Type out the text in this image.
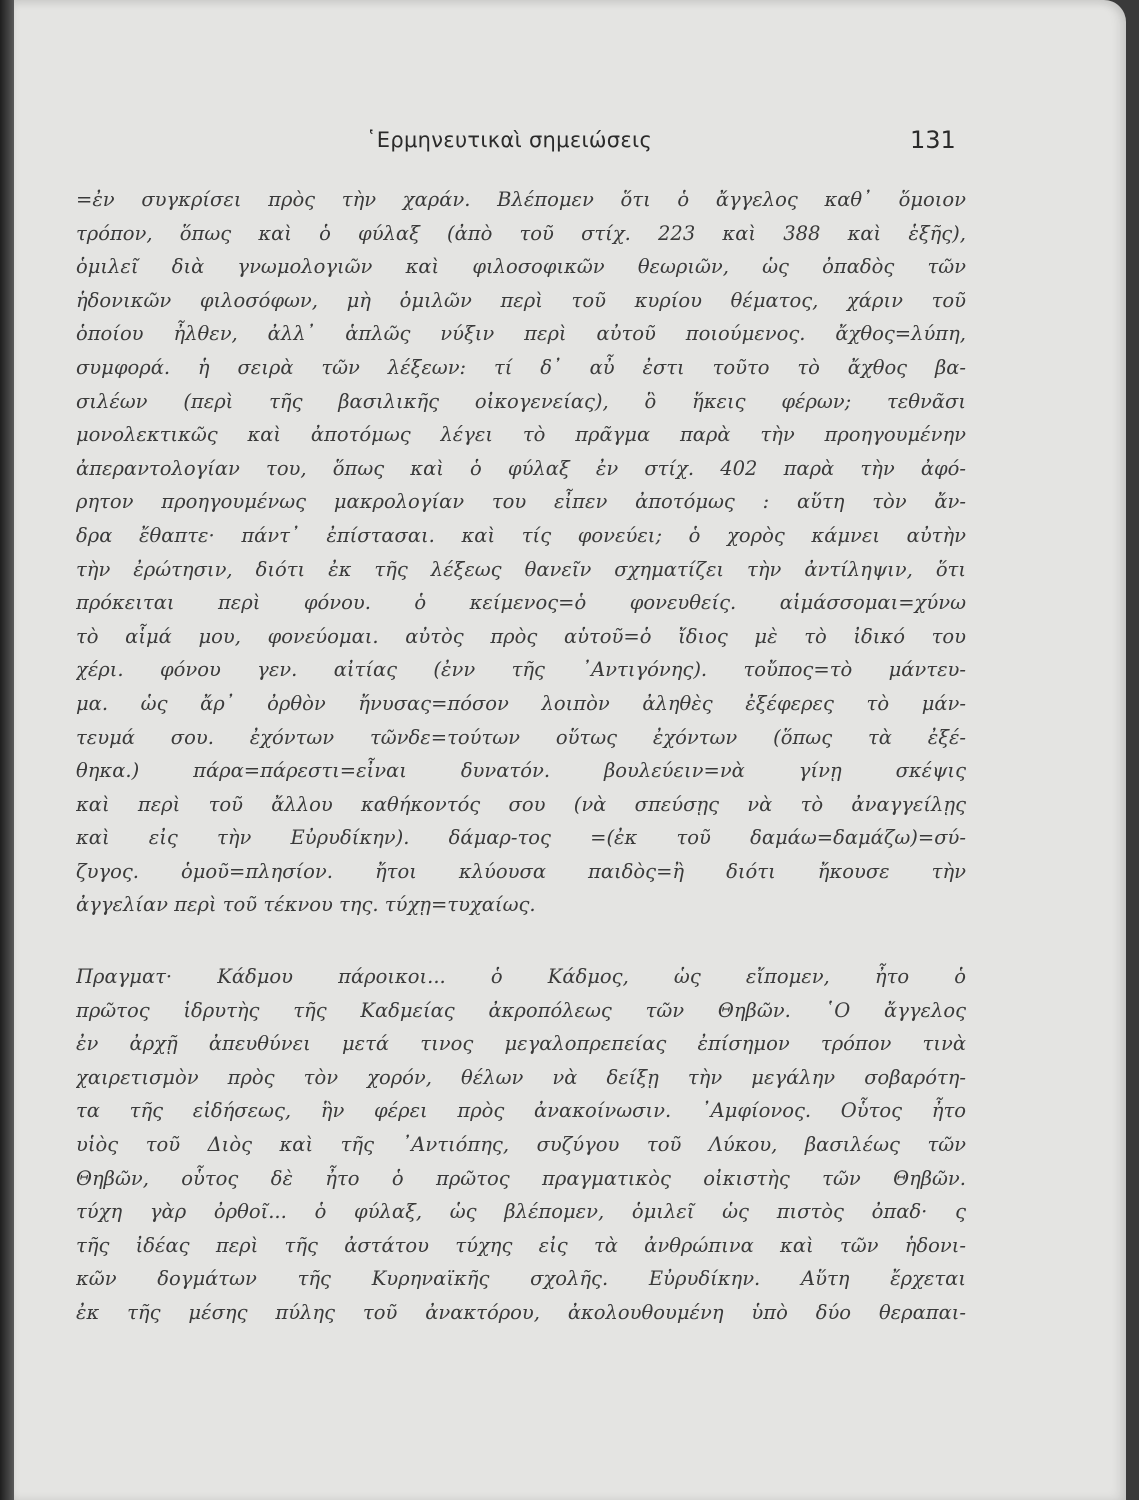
῾Ερμηνευτικαὶ σημειώσεις	131
=ἐν συγκρίσει πρὸς τὴν χαράν. Βλέπομεν ὅτι ὁ ἄγγελος καθ᾽ ὅμοιον
τρόπον, ὅπως καὶ ὁ φύλαξ (ἀπὸ τοῦ στίχ. 223 καὶ 388 καὶ ἑξῆς),
ὁμιλεῖ διὰ γνωμολογιῶν καὶ φιλοσοφικῶν θεωριῶν, ὡς ὀπαδὸς τῶν
ἡδονικῶν φιλοσόφων, μὴ ὁμιλῶν περὶ τοῦ κυρίου θέματος, χάριν τοῦ
ὁποίου ἦλθεν, ἀλλ᾽ ἁπλῶς νύξιν περὶ αὐτοῦ ποιούμενος. ἄχθος=λύπη,
συμφορά. ἡ σειρὰ τῶν λέξεων: τί δ᾽ αὖ ἐστι τοῦτο τὸ ἄχθος βα-
σιλέων (περὶ τῆς βασιλικῆς οἰκογενείας), ὃ ἥκεις φέρων; τεθνᾶσι
μονολεκτικῶς καὶ ἀποτόμως λέγει τὸ πρᾶγμα παρὰ τὴν προηγουμένην
ἀπεραντολογίαν του, ὅπως καὶ ὁ φύλαξ ἐν στίχ. 402 παρὰ τὴν ἀφό-
ρητον προηγουμένως μακρολογίαν του εἶπεν ἀποτόμως : αὕτη τὸν ἄν-
δρα ἔθαπτε· πάντ᾽ ἐπίστασαι. καὶ τίς φονεύει; ὁ χορὸς κάμνει αὐτὴν
τὴν ἐρώτησιν, διότι ἐκ τῆς λέξεως θανεῖν σχηματίζει τὴν ἀντίληψιν, ὅτι
πρόκειται περὶ φόνου. ὁ κείμενος=ὁ φονευθείς. αἱμάσσομαι=χύνω
τὸ αἷμά μου, φονεύομαι. αὐτὸς πρὸς αὑτοῦ=ὁ ἴδιος μὲ τὸ ἰδικό του
χέρι. φόνου γεν. αἰτίας (ἐνν τῆς ᾽Αντιγόνης). τοὔπος=τὸ μάντευ-
μα. ὡς ἄρ᾽ ὀρθὸν ἤνυσας=πόσον λοιπὸν ἀληθὲς ἐξέφερες τὸ μάν-
τευμά σου. ἐχόντων τῶνδε=τούτων οὕτως ἐχόντων (ὅπως τὰ ἐξέ-
θηκα.) πάρα=πάρεστι=εἶναι δυνατόν. βουλεύειν=νὰ γίνῃ σκέψις
καὶ περὶ τοῦ ἄλλου καθήκοντός σου (νὰ σπεύσῃς νὰ τὸ ἀναγγείλῃς
καὶ εἰς τὴν Εὐρυδίκην). δάμαρ-τος =(ἐκ τοῦ δαμάω=δαμάζω)=σύ-
ζυγος. ὁμοῦ=πλησίον. ἤτοι κλύουσα παιδὸς=ἢ διότι ἤκουσε τὴν
ἀγγελίαν περὶ τοῦ τέκνου της. τύχῃ=τυχαίως.
Πραγματ· Κάδμου πάροικοι... ὁ Κάδμος, ὡς εἴπομεν, ἦτο ὁ
πρῶτος ἱδρυτὴς τῆς Καδμείας ἀκροπόλεως τῶν Θηβῶν. ῾Ο ἄγγελος
ἐν ἀρχῇ ἀπευθύνει μετά τινος μεγαλοπρεπείας ἐπίσημον τρόπον τινὰ
χαιρετισμὸν πρὸς τὸν χορόν, θέλων νὰ δείξῃ τὴν μεγάλην σοβαρότη-
τα τῆς εἰδήσεως, ἣν φέρει πρὸς ἀνακοίνωσιν. ᾽Αμφίονος. Οὗτος ἦτο
υἱὸς τοῦ Διὸς καὶ τῆς ᾽Αντιόπης, συζύγου τοῦ Λύκου, βασιλέως τῶν
Θηβῶν, οὗτος δὲ ἦτο ὁ πρῶτος πραγματικὸς οἰκιστὴς τῶν Θηβῶν.
τύχη γὰρ ὀρθοῖ... ὁ φύλαξ, ὡς βλέπομεν, ὁμιλεῖ ὡς πιστὸς ὀπαδ· ς
τῆς ἰδέας περὶ τῆς ἀστάτου τύχης εἰς τὰ ἀνθρώπινα καὶ τῶν ἡδονι-
κῶν δογμάτων τῆς Κυρηναϊκῆς σχολῆς. Εὐρυδίκην. Αὕτη ἔρχεται
ἐκ τῆς μέσης πύλης τοῦ ἀνακτόρου, ἀκολουθουμένη ὑπὸ δύο θεραπαι-
